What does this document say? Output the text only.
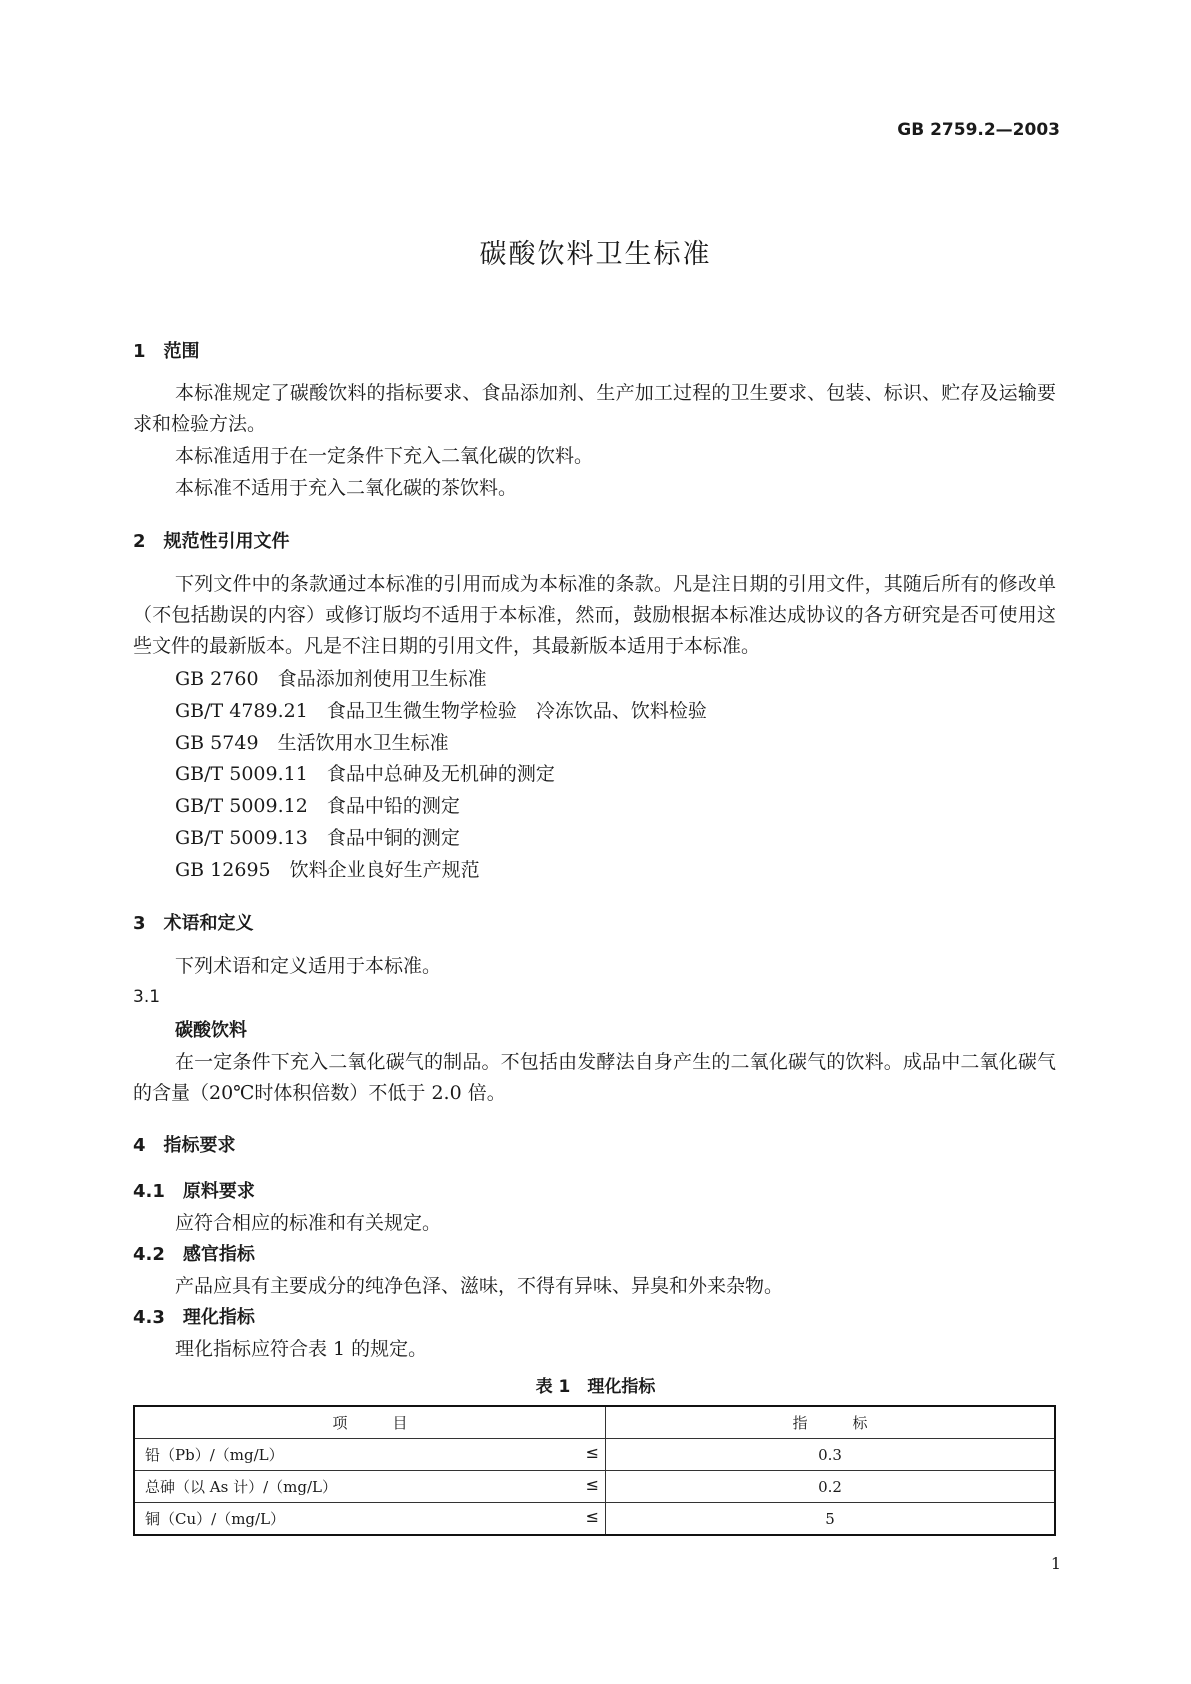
GB 2759.2—2003
碳酸饮料卫生标准
1　范围
本标准规定了碳酸饮料的指标要求、食品添加剂、生产加工过程的卫生要求、包装、标识、贮存及运输要求和检验方法。
本标准适用于在一定条件下充入二氧化碳的饮料。
本标准不适用于充入二氧化碳的茶饮料。
2　规范性引用文件
下列文件中的条款通过本标准的引用而成为本标准的条款。凡是注日期的引用文件，其随后所有的修改单（不包括勘误的内容）或修订版均不适用于本标准，然而，鼓励根据本标准达成协议的各方研究是否可使用这些文件的最新版本。凡是不注日期的引用文件，其最新版本适用于本标准。
GB 2760　 食品添加剂使用卫生标准
GB/T 4789.21　 食品卫生微生物学检验　冷冻饮品、饮料检验
GB 5749　 生活饮用水卫生标准
GB/T 5009.11　 食品中总砷及无机砷的测定
GB/T 5009.12　 食品中铅的测定
GB/T 5009.13　 食品中铜的测定
GB 12695　 饮料企业良好生产规范
3　术语和定义
下列术语和定义适用于本标准。
3.1
碳酸饮料
在一定条件下充入二氧化碳气的制品。不包括由发酵法自身产生的二氧化碳气的饮料。成品中二氧化碳气的含量（20℃时体积倍数）不低于 2.0 倍。
4　指标要求
4.1　原料要求
应符合相应的标准和有关规定。
4.2　感官指标
产品应具有主要成分的纯净色泽、滋味，不得有异味、异臭和外来杂物。
4.3　理化指标
理化指标应符合表 1 的规定。
表 1　理化指标
项　　　目	指　　　标
铅（Pb）/（mg/L） ≤	0.3
总砷（以 As 计）/（mg/L） ≤	0.2
铜（Cu）/（mg/L） ≤	5
1
